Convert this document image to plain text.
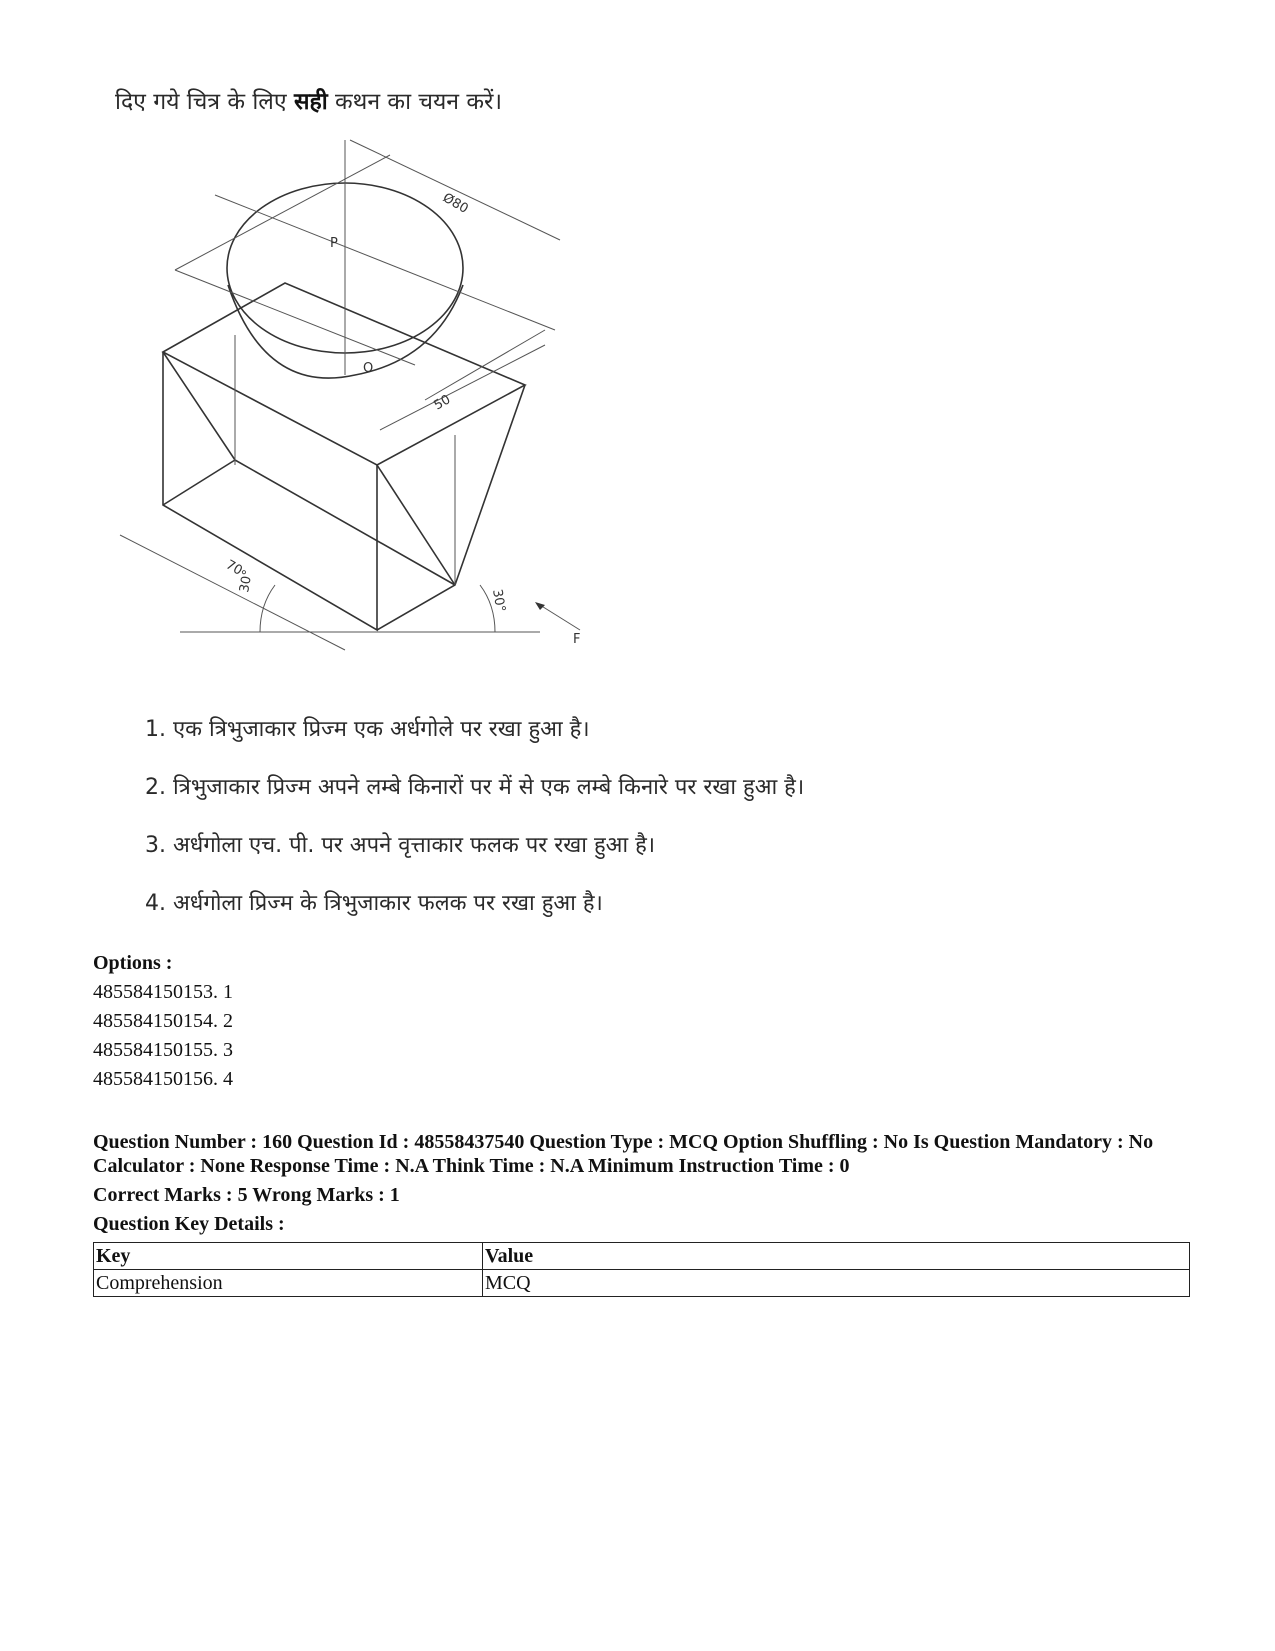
दिए गये चित्र के लिए सही कथन का चयन करें।
Ø80
P
O
50
70
30°
30°
F
1. एक त्रिभुजाकार प्रिज्म एक अर्धगोले पर रखा हुआ है।
2. त्रिभुजाकार प्रिज्म अपने लम्बे किनारों पर में से एक लम्बे किनारे पर रखा हुआ है।
3. अर्धगोला एच. पी. पर अपने वृत्ताकार फलक पर रखा हुआ है।
4. अर्धगोला प्रिज्म के त्रिभुजाकार फलक पर रखा हुआ है।
Options :
485584150153. 1
485584150154. 2
485584150155. 3
485584150156. 4
Question Number : 160 Question Id : 48558437540 Question Type : MCQ Option Shuffling : No Is Question Mandatory : No Calculator : None Response Time : N.A Think Time : N.A Minimum Instruction Time : 0
Correct Marks : 5 Wrong Marks : 1
Question Key Details :
Key	Value
Comprehension	MCQ
